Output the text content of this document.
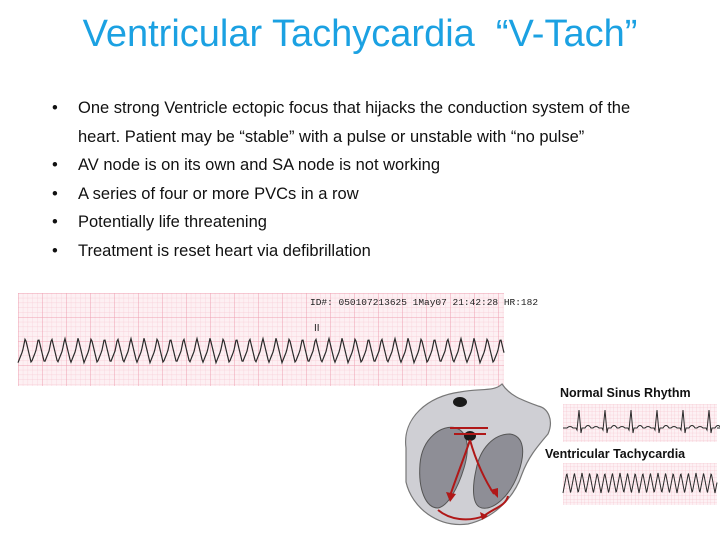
Ventricular Tachycardia  “V-Tach”
• One strong Ventricle ectopic focus that hijacks the conduction system of the heart. Patient may be “stable” with a pulse or unstable with “no pulse”
• AV node is on its own and SA node is not working
• A series of four or more PVCs in a row
• Potentially life threatening
• Treatment is reset heart via defibrillation
ID#: 050107213625 1May07 21:42:28 HR:182
II
Normal Sinus Rhythm
Ventricular Tachycardia
